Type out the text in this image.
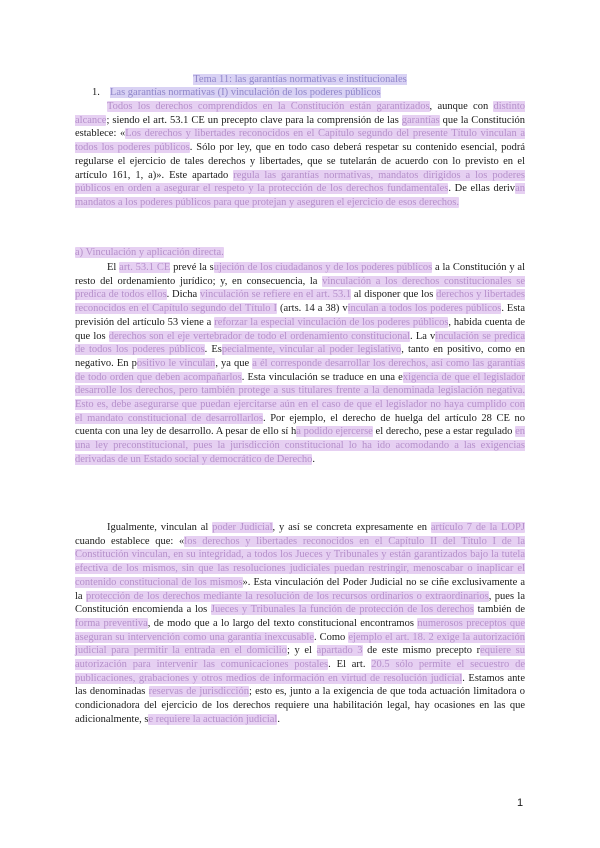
Tema 11: las garantías normativas e institucionales

1. Las garantías normativas (I) vinculación de los poderes públicos

Todos los derechos comprendidos en la Constitución están garantizados, aunque con distinto alcance; siendo el art. 53.1 CE un precepto clave para la comprensión de las garantías que la Constitución establece: «Los derechos y libertades reconocidos en el Capítulo segundo del presente Título vinculan a todos los poderes públicos. Sólo por ley, que en todo caso deberá respetar su contenido esencial, podrá regularse el ejercicio de tales derechos y libertades, que se tutelarán de acuerdo con lo previsto en el artículo 161, 1, a)». Este apartado regula las garantías normativas, mandatos dirigidos a los poderes públicos en orden a asegurar el respeto y la protección de los derechos fundamentales. De ellas derivan mandatos a los poderes públicos para que protejan y aseguren el ejercicio de esos derechos.

a) Vinculación y aplicación directa.

El art. 53.1 CE prevé la sujeción de los ciudadanos y de los poderes públicos a la Constitución y al resto del ordenamiento jurídico; y, en consecuencia, la vinculación a los derechos constitucionales se predica de todos ellos. Dicha vinculación se refiere en el art. 53.1 al disponer que los derechos y libertades reconocidos en el Capítulo segundo del Título I (arts. 14 a 38) vinculan a todos los poderes públicos. Esta previsión del artículo 53 viene a reforzar la especial vinculación de los poderes públicos, habida cuenta de que los derechos son el eje vertebrador de todo el ordenamiento constitucional. La vinculación se predica de todos los poderes públicos. Especialmente, vincular al poder legislativo, tanto en positivo, como en negativo. En positivo le vinculan, ya que a él corresponde desarrollar los derechos, así como las garantías de todo orden que deben acompañarlos. Esta vinculación se traduce en una exigencia de que el legislador desarrolle los derechos, pero también protege a sus titulares frente a la denominada legislación negativa. Esto es, debe asegurarse que puedan ejercitarse aún en el caso de que el legislador no haya cumplido con el mandato constitucional de desarrollarlos. Por ejemplo, el derecho de huelga del artículo 28 CE no cuenta con una ley de desarrollo. A pesar de ello sí ha podido ejercerse el derecho, pese a estar regulado en una ley preconstitucional, pues la jurisdicción constitucional lo ha ido acomodando a las exigencias derivadas de un Estado social y democrático de Derecho.

Igualmente, vinculan al poder Judicial, y así se concreta expresamente en artículo 7 de la LOPJ cuando establece que: «los derechos y libertades reconocidos en el Capítulo II del Título I de la Constitución vinculan, en su integridad, a todos los Jueces y Tribunales y están garantizados bajo la tutela efectiva de los mismos, sin que las resoluciones judiciales puedan restringir, menoscabar o inaplicar el contenido constitucional de los mismos». Esta vinculación del Poder Judicial no se ciñe exclusivamente a la protección de los derechos mediante la resolución de los recursos ordinarios o extraordinarios, pues la Constitución encomienda a los Jueces y Tribunales la función de protección de los derechos también de forma preventiva, de modo que a lo largo del texto constitucional encontramos numerosos preceptos que aseguran su intervención como una garantía inexcusable. Como ejemplo el art. 18. 2 exige la autorización judicial para permitir la entrada en el domicilio; y el apartado 3 de este mismo precepto requiere su autorización para intervenir las comunicaciones postales. El art. 20.5 sólo permite el secuestro de publicaciones, grabaciones y otros medios de información en virtud de resolución judicial. Estamos ante las denominadas reservas de jurisdicción; esto es, junto a la exigencia de que toda actuación limitadora o condicionadora del ejercicio de los derechos requiere una habilitación legal, hay ocasiones en las que adicionalmente, se requiere la actuación judicial.

1
